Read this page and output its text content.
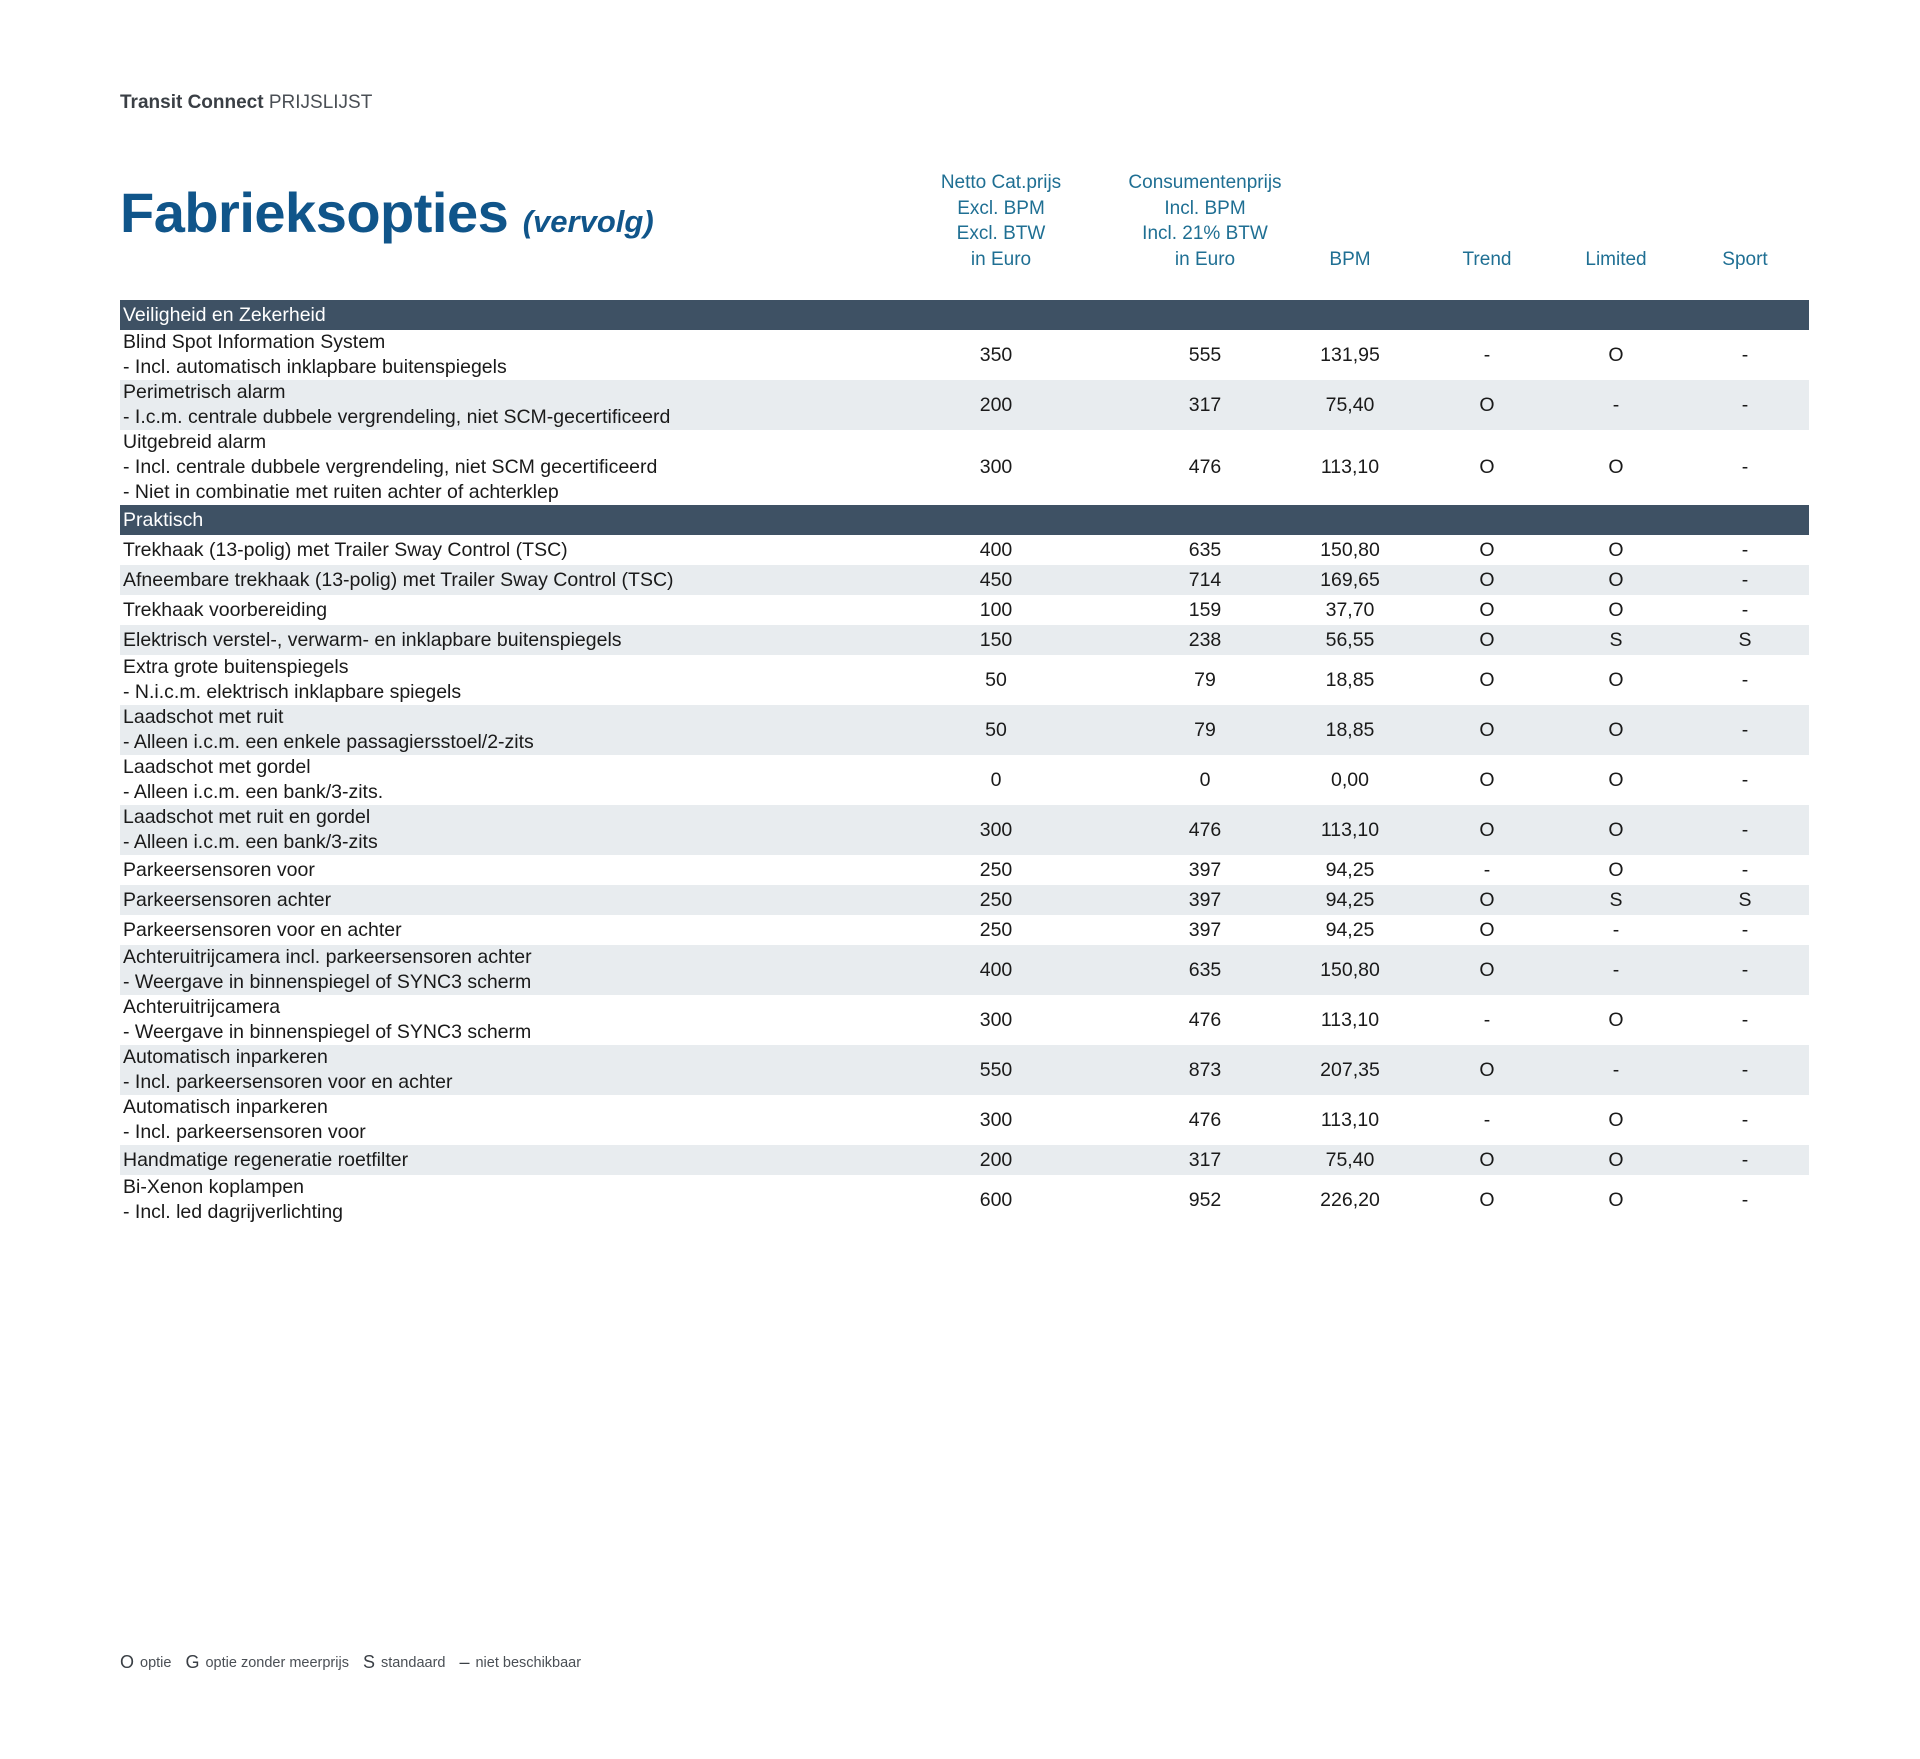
Transit Connect PRIJSLIJST
Fabrieksopties (vervolg)
Netto Cat.prijs
Excl. BPM
Excl. BTW
in Euro
Consumentenprijs
Incl. BPM
Incl. 21% BTW
in Euro	BPM	Trend	Limited	Sport
Veiligheid en Zekerheid
Blind Spot Information System
- Incl. automatisch inklapbare buitenspiegels
350	555	131,95	-	O	-
Perimetrisch alarm
- I.c.m. centrale dubbele vergrendeling, niet SCM-gecertificeerd
200	317	75,40	O	-	-
Uitgebreid alarm
- Incl. centrale dubbele vergrendeling, niet SCM gecertificeerd
- Niet in combinatie met ruiten achter of achterklep
300	476	113,10	O	O	-
Praktisch
Trekhaak (13-polig) met Trailer Sway Control (TSC)	400	635	150,80	O	O	-
Afneembare trekhaak (13-polig) met Trailer Sway Control (TSC)	450	714	169,65	O	O	-
Trekhaak voorbereiding	100	159	37,70	O	O	-
Elektrisch verstel-, verwarm- en inklapbare buitenspiegels	150	238	56,55	O	S	S
Extra grote buitenspiegels
- N.i.c.m. elektrisch inklapbare spiegels
50	79	18,85	O	O	-
Laadschot met ruit
- Alleen i.c.m. een enkele passagiersstoel/2-zits
50	79	18,85	O	O	-
Laadschot met gordel
- Alleen i.c.m. een bank/3-zits.
0	0	0,00	O	O	-
Laadschot met ruit en gordel
- Alleen i.c.m. een bank/3-zits
300	476	113,10	O	O	-
Parkeersensoren voor	250	397	94,25	-	O	-
Parkeersensoren achter	250	397	94,25	O	S	S
Parkeersensoren voor en achter	250	397	94,25	O	-	-
Achteruitrijcamera incl. parkeersensoren achter
- Weergave in binnenspiegel of SYNC3 scherm
400	635	150,80	O	-	-
Achteruitrijcamera
- Weergave in binnenspiegel of SYNC3 scherm
300	476	113,10	-	O	-
Automatisch inparkeren
- Incl. parkeersensoren voor en achter
550	873	207,35	O	-	-
Automatisch inparkeren
- Incl. parkeersensoren voor
300	476	113,10	-	O	-
Handmatige regeneratie roetfilter	200	317	75,40	O	O	-
Bi-Xenon koplampen
- Incl. led dagrijverlichting
600	952	226,20	O	O	-
O optie G optie zonder meerprijs S standaard – niet beschikbaar
